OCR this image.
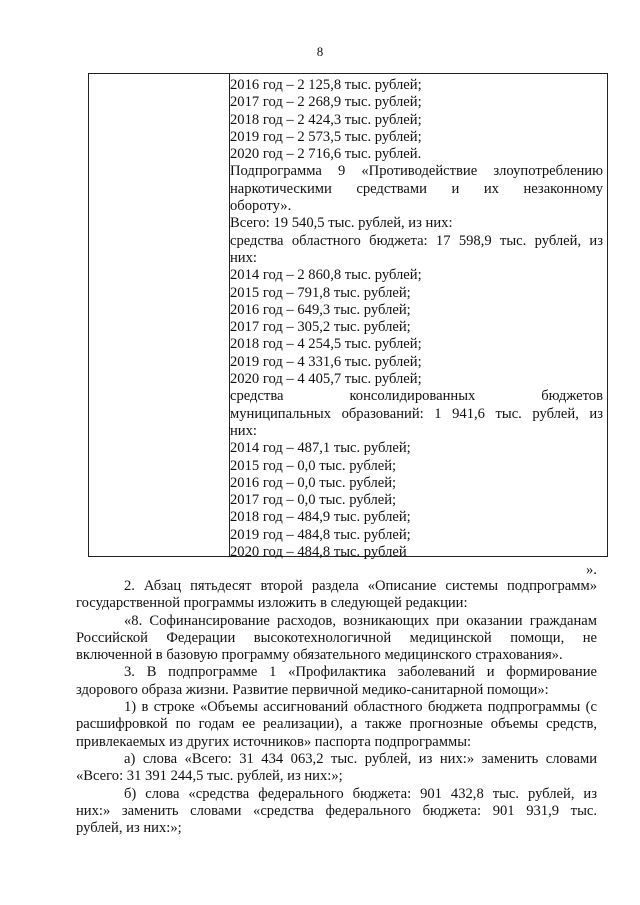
8
2016 год – 2 125,8 тыс. рублей;
2017 год – 2 268,9 тыс. рублей;
2018 год – 2 424,3 тыс. рублей;
2019 год – 2 573,5 тыс. рублей;
2020 год – 2 716,6 тыс. рублей.
Подпрограмма 9 «Противодействие злоупотреблению
наркотическими средствами и их незаконному
обороту».
Всего: 19 540,5 тыс. рублей, из них:
средства областного бюджета: 17 598,9 тыс. рублей, из
них:
2014 год – 2 860,8 тыс. рублей;
2015 год – 791,8 тыс. рублей;
2016 год – 649,3 тыс. рублей;
2017 год – 305,2 тыс. рублей;
2018 год – 4 254,5 тыс. рублей;
2019 год – 4 331,6 тыс. рублей;
2020 год – 4 405,7 тыс. рублей;
средства консолидированных бюджетов
муниципальных образований: 1 941,6 тыс. рублей, из
них:
2014 год – 487,1 тыс. рублей;
2015 год – 0,0 тыс. рублей;
2016 год – 0,0 тыс. рублей;
2017 год – 0,0 тыс. рублей;
2018 год – 484,9 тыс. рублей;
2019 год – 484,8 тыс. рублей;
2020 год – 484,8 тыс. рублей
».
2. Абзац пятьдесят второй раздела «Описание системы подпрограмм»
государственной программы изложить в следующей редакции:
«8. Софинансирование расходов, возникающих при оказании гражданам
Российской Федерации высокотехнологичной медицинской помощи, не
включенной в базовую программу обязательного медицинского страхования».
3. В подпрограмме 1 «Профилактика заболеваний и формирование
здорового образа жизни. Развитие первичной медико-санитарной помощи»:
1) в строке «Объемы ассигнований областного бюджета подпрограммы (с
расшифровкой по годам ее реализации), а также прогнозные объемы средств,
привлекаемых из других источников» паспорта подпрограммы:
а) слова «Всего: 31 434 063,2 тыс. рублей, из них:» заменить словами
«Всего: 31 391 244,5 тыс. рублей, из них:»;
б) слова «средства федерального бюджета: 901 432,8 тыс. рублей, из
них:» заменить словами «средства федерального бюджета: 901 931,9 тыс.
рублей, из них:»;
